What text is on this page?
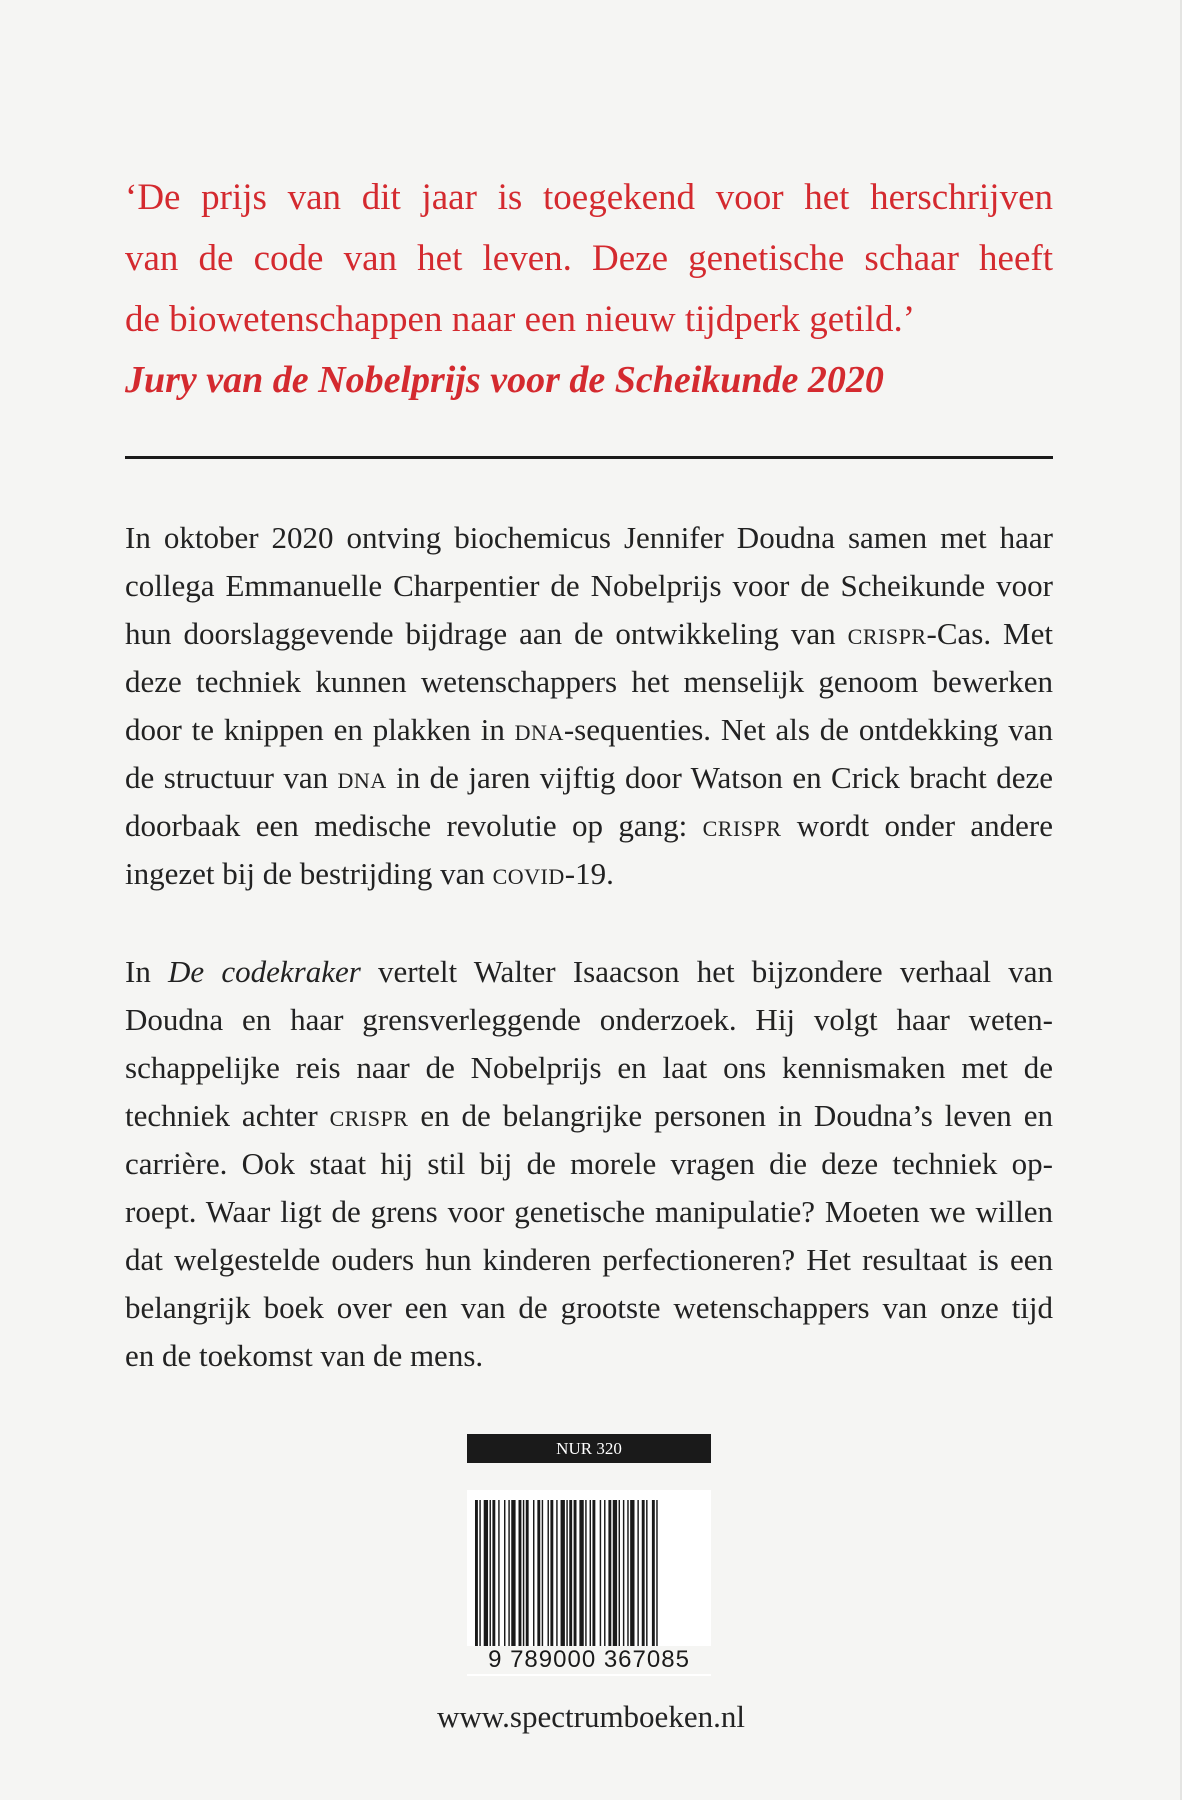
‘De prijs van dit jaar is toegekend voor het herschrijven
van de code van het leven. Deze genetische schaar heeft
de biowetenschappen naar een nieuw tijdperk getild.’
Jury van de Nobelprijs voor de Scheikunde 2020
In oktober 2020 ontving biochemicus Jennifer Doudna samen met haar
collega Emmanuelle Charpentier de Nobelprijs voor de Scheikunde voor
hun doorslaggevende bijdrage aan de ontwikkeling van crispr-Cas. Met
deze techniek kunnen wetenschappers het menselijk genoom bewerken
door te knippen en plakken in dna-sequenties. Net als de ontdekking van
de structuur van dna in de jaren vijftig door Watson en Crick bracht deze
doorbaak een medische revolutie op gang: crispr wordt onder andere
ingezet bij de bestrijding van covid-19.
In De codekraker vertelt Walter Isaacson het bijzondere verhaal van
Doudna en haar grensverleggende onderzoek. Hij volgt haar weten-
schappelijke reis naar de Nobelprijs en laat ons kennismaken met de
techniek achter crispr en de belangrijke personen in Doudna’s leven en
carrière. Ook staat hij stil bij de morele vragen die deze techniek op-
roept. Waar ligt de grens voor genetische manipulatie? Moeten we willen
dat welgestelde ouders hun kinderen perfectioneren? Het resultaat is een
belangrijk boek over een van de grootste wetenschappers van onze tijd
en de toekomst van de mens.
NUR 320
9 789000 367085
www.spectrumboeken.nl
